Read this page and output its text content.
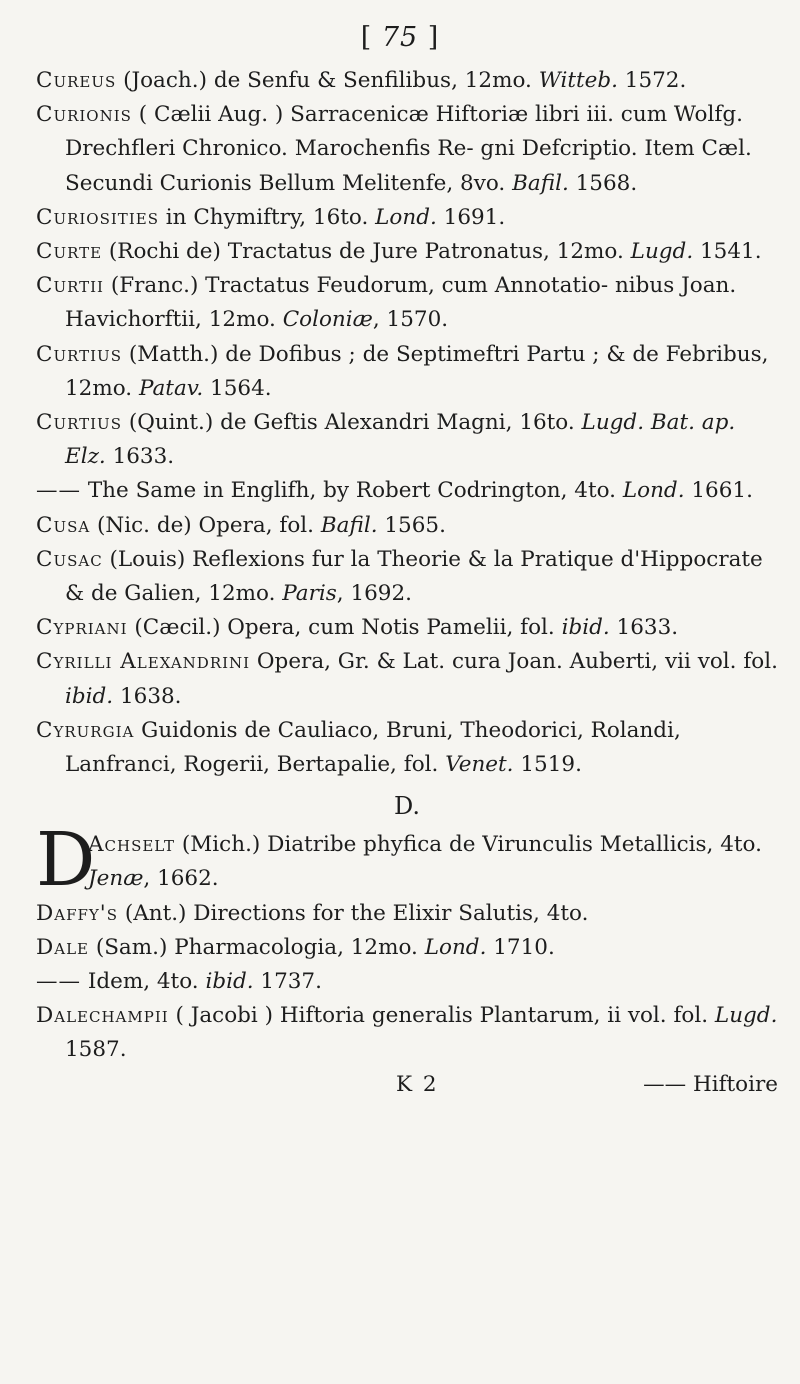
[ 75 ]

Cureus (Joach.) de Senfu & Senfilibus, 12mo. Witteb. 1572.

Curionis ( Cælii Aug. ) Sarracenicæ Hiftoriæ libri iii. cum Wolfg. Drechfleri Chronico. Marochenfis Re- gni Defcriptio. Item Cæl. Secundi Curionis Bellum Melitenfe, 8vo. Bafil. 1568.

Curiosities in Chymiftry, 16to. Lond. 1691.

Curte (Rochi de) Tractatus de Jure Patronatus, 12mo. Lugd. 1541.

Curtii (Franc.) Tractatus Feudorum, cum Annotatio- nibus Joan. Havichorftii, 12mo. Coloniæ, 1570.

Curtius (Matth.) de Dofibus ; de Septimeftri Partu ; & de Febribus, 12mo. Patav. 1564.

Curtius (Quint.) de Geftis Alexandri Magni, 16to. Lugd. Bat. ap. Elz. 1633.

—— The Same in Englifh, by Robert Codrington, 4to. Lond. 1661.

Cusa (Nic. de) Opera, fol. Bafil. 1565.

Cusac (Louis) Reflexions fur la Theorie & la Pratique d'Hippocrate & de Galien, 12mo. Paris, 1692.

Cypriani (Cæcil.) Opera, cum Notis Pamelii, fol. ibid. 1633.

Cyrilli Alexandrini Opera, Gr. & Lat. cura Joan. Auberti, vii vol. fol. ibid. 1638.

Cyrurgia Guidonis de Cauliaco, Bruni, Theodorici, Rolandi, Lanfranci, Rogerii, Bertapalie, fol. Venet. 1519.

D.

D
Achselt (Mich.) Diatribe phyfica de Virunculis Metallicis, 4to. Jenæ, 1662.

Daffy's (Ant.) Directions for the Elixir Salutis, 4to.

Dale (Sam.) Pharmacologia, 12mo. Lond. 1710.

—— Idem, 4to. ibid. 1737.

Dalechampii ( Jacobi ) Hiftoria generalis Plantarum, ii vol. fol. Lugd. 1587.

K 2	—— Hiftoire
